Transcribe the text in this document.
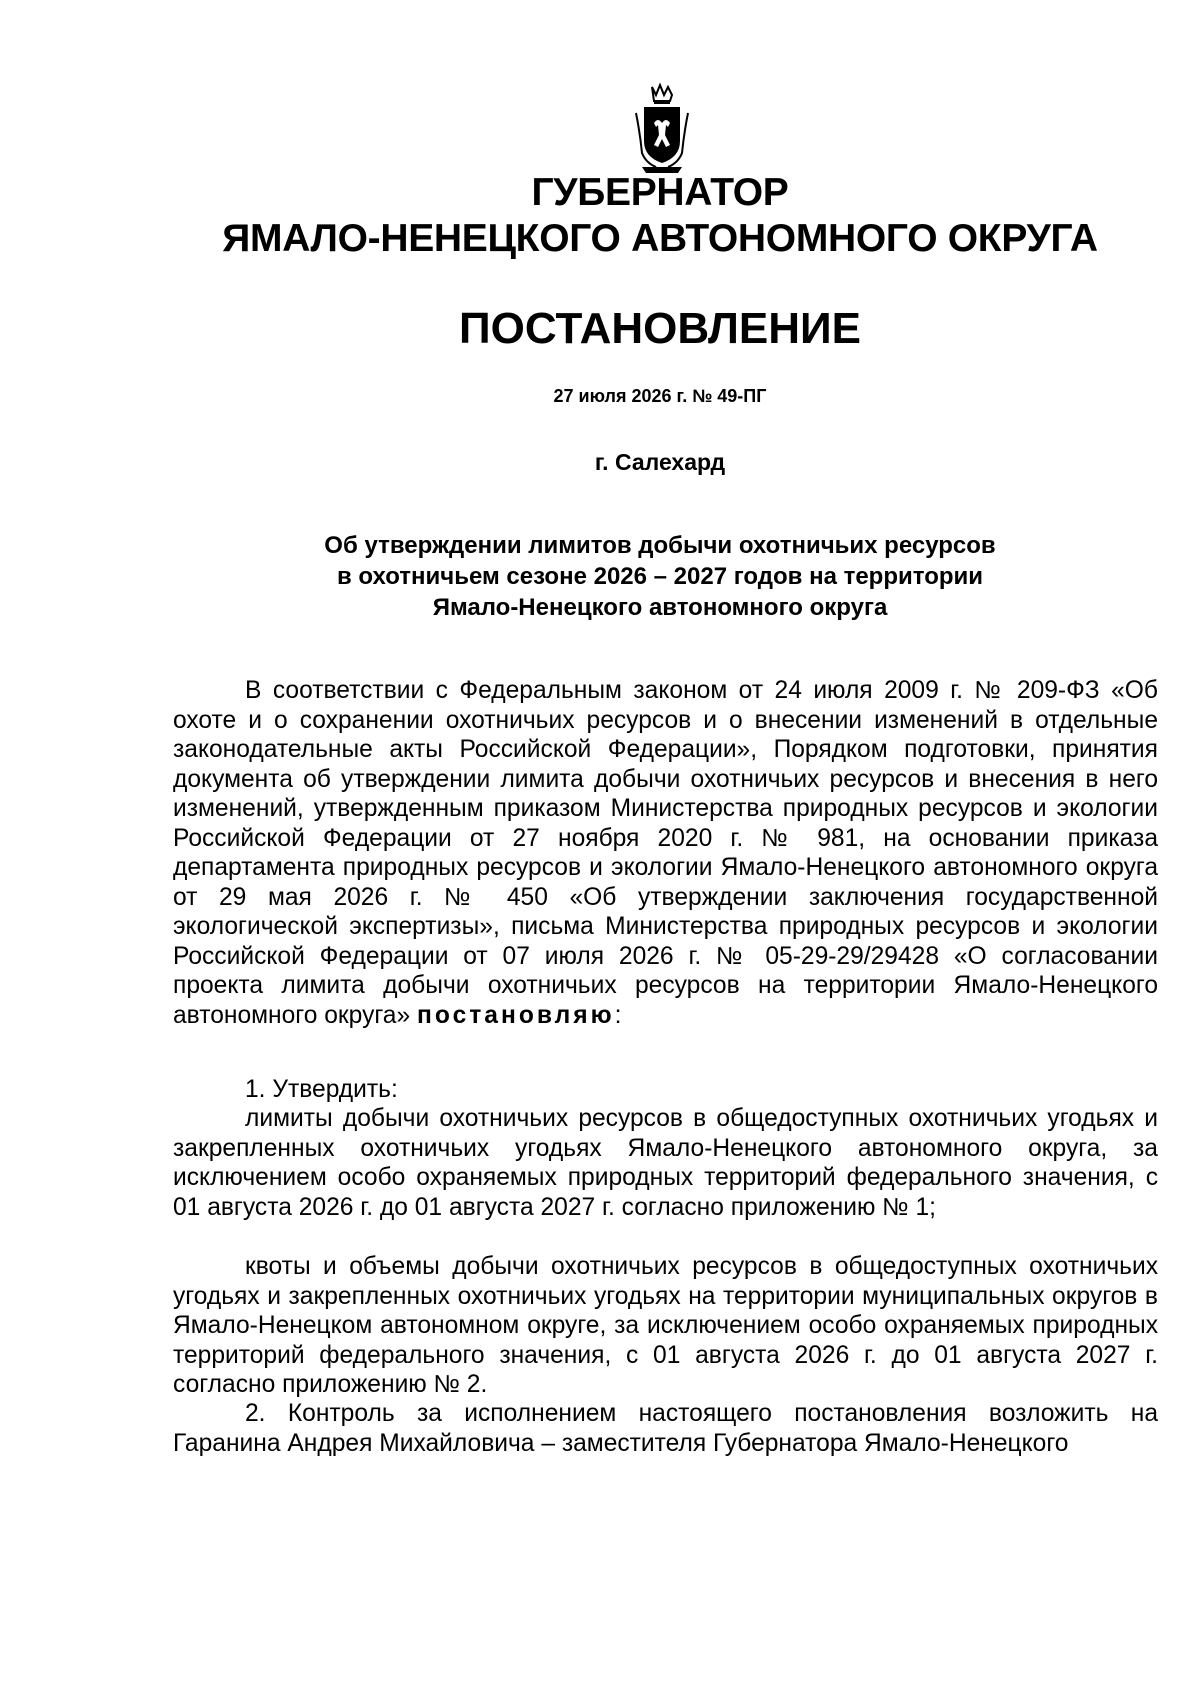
ГУБЕРНАТОР
ЯМАЛО-НЕНЕЦКОГО АВТОНОМНОГО ОКРУГА
ПОСТАНОВЛЕНИЕ
27 июля 2026 г. № 49-ПГ
г. Салехард
Об утверждении лимитов добычи охотничьих ресурсов
в охотничьем сезоне 2026 – 2027 годов на территории
Ямало-Ненецкого автономного округа

В соответствии с Федеральным законом от 24 июля 2009 г. № 209-ФЗ «Об охоте и о сохранении охотничьих ресурсов и о внесении изменений в отдельные законодательные акты Российской Федерации», Порядком подготовки, принятия документа об утверждении лимита добычи охотничьих ресурсов и внесения в него изменений, утвержденным приказом Министерства природных ресурсов и экологии Российской Федерации от 27 ноября 2020 г. № 981, на основании приказа департамента природных ресурсов и экологии Ямало-Ненецкого автономного округа от 29 мая 2026 г. № 450 «Об утверждении заключения государственной экологической экспертизы», письма Министерства природных ресурсов и экологии Российской Федерации от 07 июля 2026 г. № 05-29-29/29428 «О согласовании проекта лимита добычи охотничьих ресурсов на территории Ямало-Ненецкого автономного округа» постановляю:

1. Утвердить:

лимиты добычи охотничьих ресурсов в общедоступных охотничьих угодьях и закрепленных охотничьих угодьях Ямало-Ненецкого автономного округа, за исключением особо охраняемых природных территорий федерального значения, с 01 августа 2026 г. до 01 августа 2027 г. согласно приложению № 1;

квоты и объемы добычи охотничьих ресурсов в общедоступных охотничьих угодьях и закрепленных охотничьих угодьях на территории муниципальных округов в Ямало-Ненецком автономном округе, за исключением особо охраняемых природных территорий федерального значения, с 01 августа 2026 г. до 01 августа 2027 г. согласно приложению № 2.

2. Контроль за исполнением настоящего постановления возложить на Гаранина Андрея Михайловича – заместителя Губернатора Ямало-Ненецкого
